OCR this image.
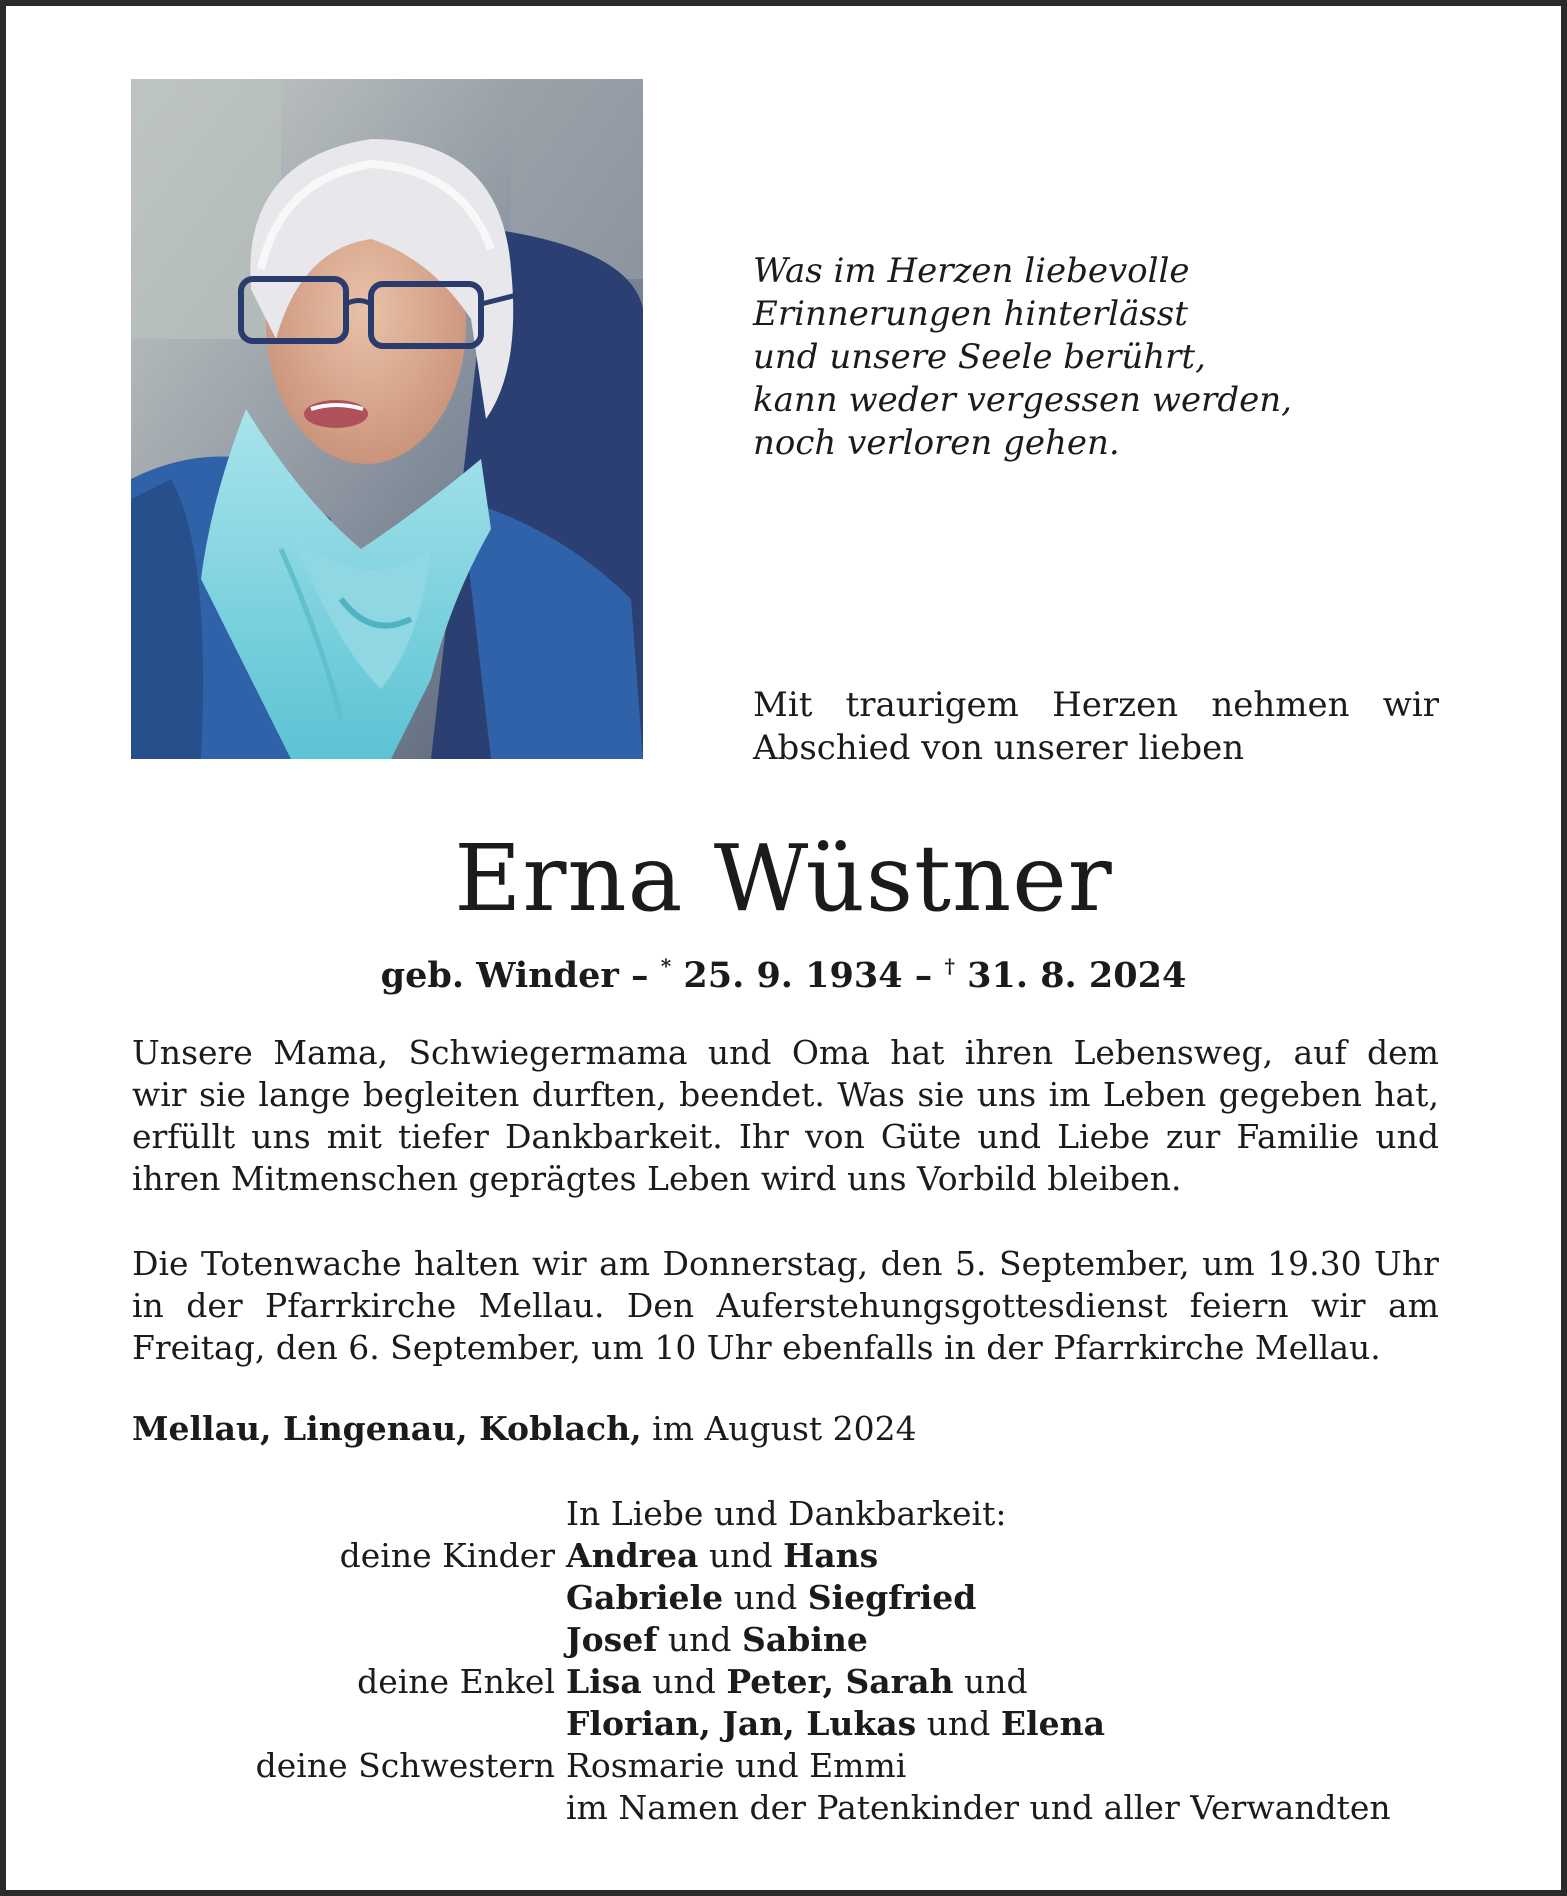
Was im Herzen liebevolle
Erinnerungen hinterlässt
und unsere Seele berührt,
kann weder vergessen werden,
noch verloren gehen.
Mit traurigem Herzen nehmen wir
Abschied von unserer lieben
Erna Wüstner
geb. Winder – * 25. 9. 1934 – † 31. 8. 2024
Unsere Mama, Schwiegermama und Oma hat ihren Lebensweg, auf dem
wir sie lange begleiten durften, beendet. Was sie uns im Leben gegeben hat,
erfüllt uns mit tiefer Dankbarkeit. Ihr von Güte und Liebe zur Familie und
ihren Mitmenschen geprägtes Leben wird uns Vorbild bleiben.
Die Totenwache halten wir am Donnerstag, den 5. September, um 19.30 Uhr
in der Pfarrkirche Mellau. Den Auferstehungsgottesdienst feiern wir am
Freitag, den 6. September, um 10 Uhr ebenfalls in der Pfarrkirche Mellau.
Mellau, Lingenau, Koblach, im August 2024
In Liebe und Dankbarkeit:
deine Kinder Andrea und Hans
Gabriele und Siegfried
Josef und Sabine
deine Enkel Lisa und Peter, Sarah und
Florian, Jan, Lukas und Elena
deine Schwestern Rosmarie und Emmi
im Namen der Patenkinder und aller Verwandten
